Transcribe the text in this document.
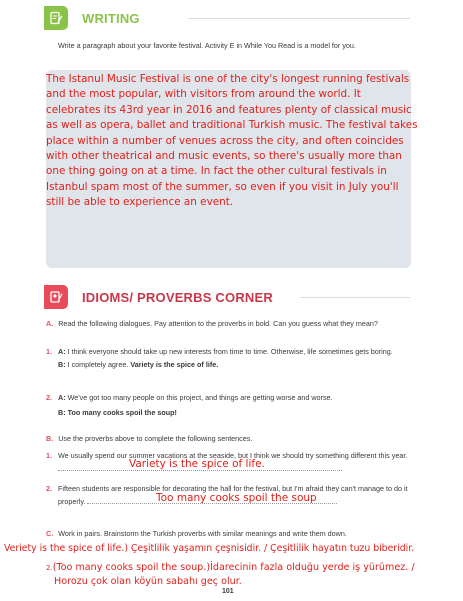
WRITING
Write a paragraph about your favorite festival. Activity E in While You Read is a model for you.
The Istanul Music Festival is one of the city's longest running festivals and the most popular, with visitors from around the world. It celebrates its 43rd year in 2016 and features plenty of classical music as well as opera, ballet and traditional Turkish music. The festival takes place within a number of venues across the city, and often coincides with other theatrical and music events, so there's usually more than one thing going on at a time. In fact the other cultural festivals in Istanbul spam most of the summer, so even if you visit in July you'll still be able to experience an event.
IDIOMS/ PROVERBS CORNER
A. Read the following dialogues. Pay attention to the proverbs in bold. Can you guess what they mean?
1. A: I think everyone should take up new interests from time to time. Otherwise, life sometimes gets boring.
B: I completely agree. Variety is the spice of life.
2. A: We've got too many people on this project, and things are getting worse and worse.
B: Too many cooks spoil the soup!
B. Use the proverbs above to complete the following sentences.
1. We usually spend our summer vacations at the seaside, but I think we should try something different this year.
Variety is the spice of life.
2. Fifteen students are responsible for decorating the hall for the festival, but I'm afraid they can't manage to do it properly.	Too many cooks spoil the soup
C. Work in pairs. Brainstorm the Turkish proverbs with similar meanings and write them down.
Veriety is the spice of life.) Çeşitlilik yaşamın çeşnisidir. / Çeşitlilik hayatın tuzu biberidir.
2.(Too many cooks spoil the soup.)İdarecinin fazla olduğu yerde iş yürümez. /
Horozu çok olan köyün sabahı geç olur.
101
